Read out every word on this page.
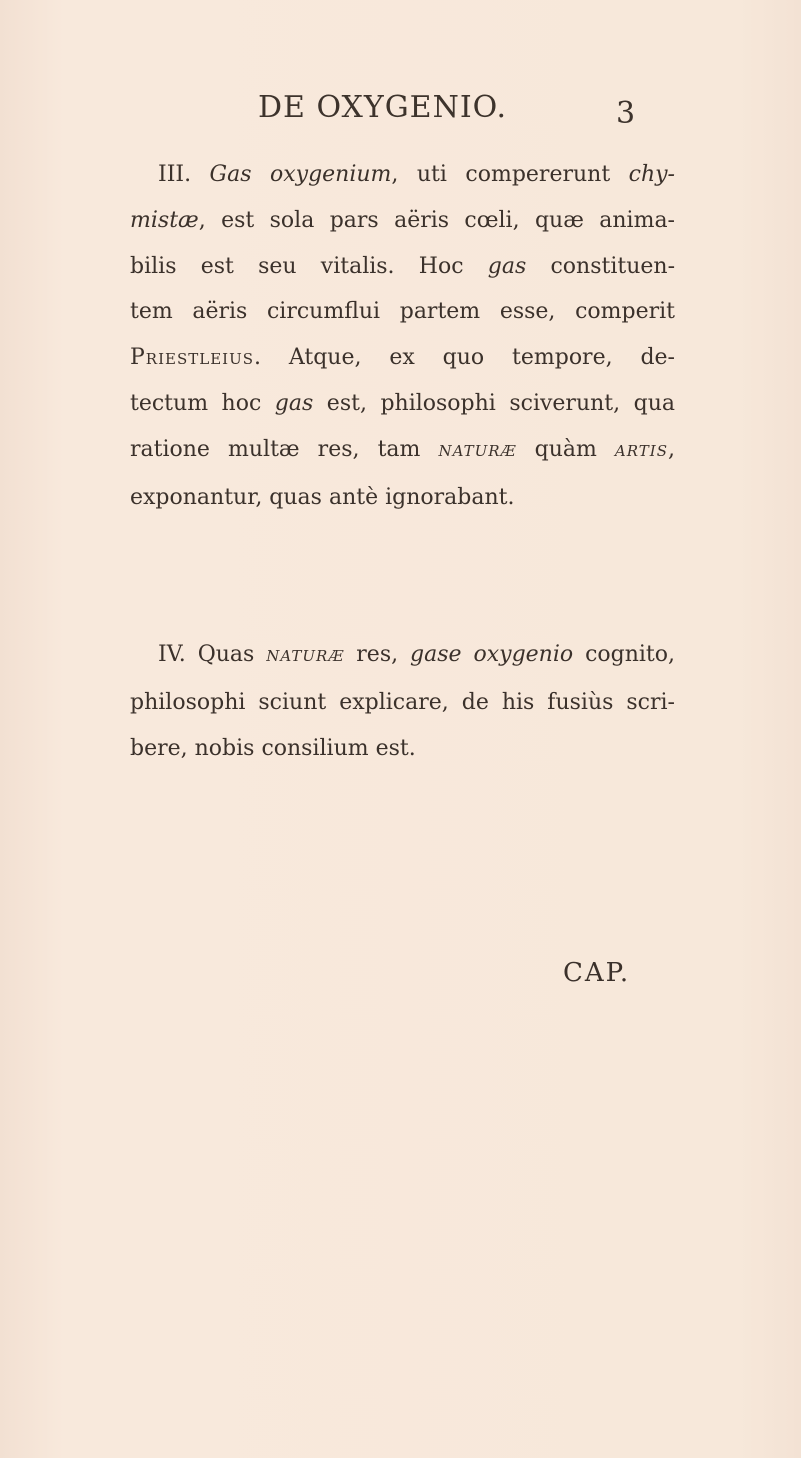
DE OXYGENIO.	3
III. Gas oxygenium, uti compererunt chy-
mistæ, est sola pars aëris cœli, quæ anima-
bilis est seu vitalis. Hoc gas constituen-
tem aëris circumflui partem esse, comperit
Priestleius. Atque, ex quo tempore, de-
tectum hoc gas est, philosophi sciverunt, qua
ratione multæ res, tam NATURÆ quàm ARTIS,
exponantur, quas antè ignorabant.
IV. Quas NATURÆ res, gase oxygenio cognito,
philosophi sciunt explicare, de his fusiùs scri-
bere, nobis consilium est.
CAP.
